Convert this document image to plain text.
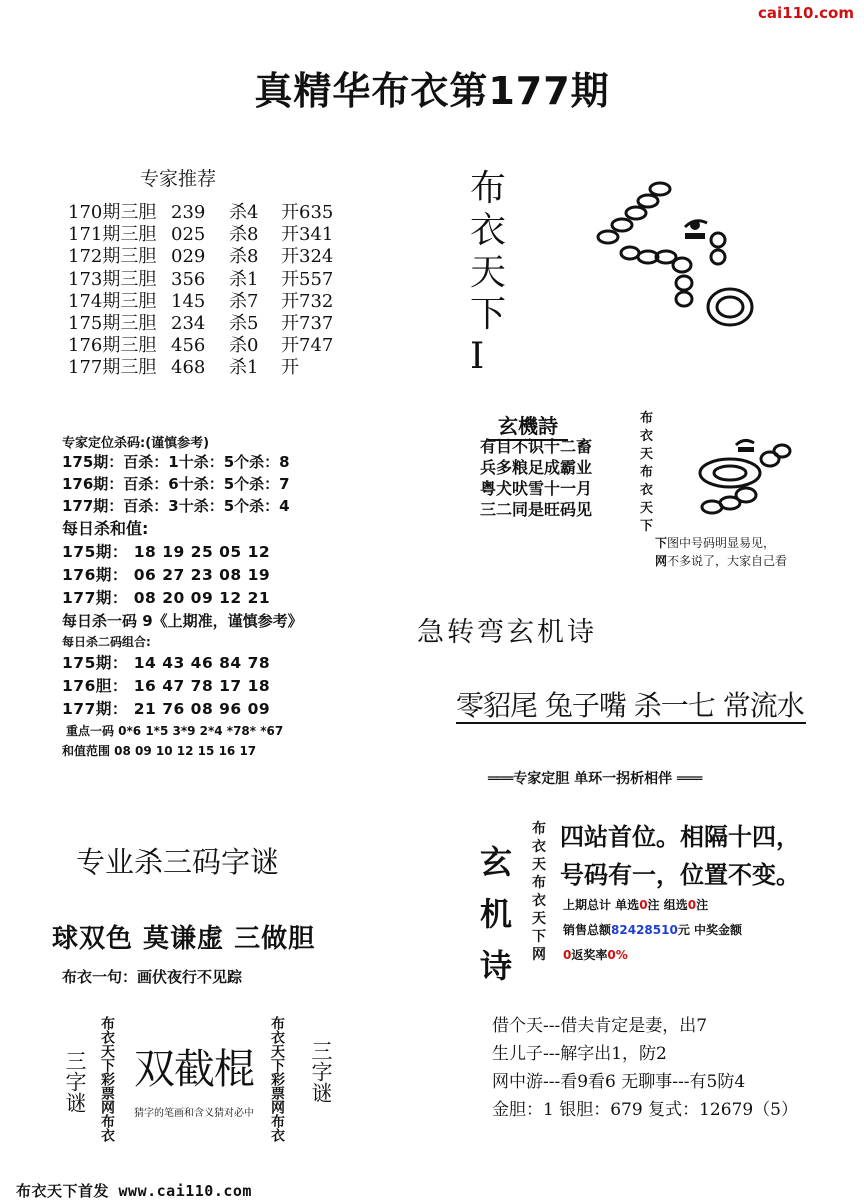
cai110.com
真精华布衣第177期
专家推荐
170期三胆 239 杀4 开635
171期三胆 025 杀8 开341
172期三胆 029 杀8 开324
173期三胆 356 杀1 开557
174期三胆 145 杀7 开732
175期三胆 234 杀5 开737
176期三胆 456 杀0 开747
177期三胆 468 杀1 开
专家定位杀码:(谨慎参考)
175期：百杀：1十杀：5个杀：8
176期：百杀：6十杀：5个杀：7
177期：百杀：3十杀：5个杀：4
每日杀和值:
175期： 18 19 25 05 12
176期： 06 27 23 08 19
177期： 08 20 09 12 21
每日杀一码 9《上期准，谨慎参考》
每日杀二码组合:
175期： 14 43 46 84 78
176胆： 16 47 78 17 18
177期： 21 76 08 96 09
重点一码 0*6 1*5 3*9 2*4 *78* *67
和值范围 08 09 10 12 15 16 17
专业杀三码字谜
球双色 莫谦虚 三做胆
布衣一句：画伏夜行不见踪
三字谜 布衣天下彩票网布衣 双截棍
猜字的笔画和含义猜对必中 布衣天下彩票网布衣 三字谜
布衣天下首发 www.cai110.com
布衣天下I
玄機詩
有目不识十二畜
兵多粮足成霸业
粤犬吠雪十一月
三二同是旺码见
布衣天布衣天下
下图中号码明显易见，
网不多说了，大家自己看
急转弯玄机诗
零貂尾 兔子嘴 杀一七 常流水
═══专家定胆 单环一拐析相伴 ═══
玄机诗
布衣天布衣天下网
四站首位。相隔十四，
号码有一，位置不变。
上期总计 单选0注 组选0注
销售总额82428510元 中奖金额
0返奖率0%
借个天---借夫肯定是妻，出7
生儿子---解字出1，防2
网中游---看9看6 无聊事---有5防4
金胆：1 银胆：679 复式：12679（5）
